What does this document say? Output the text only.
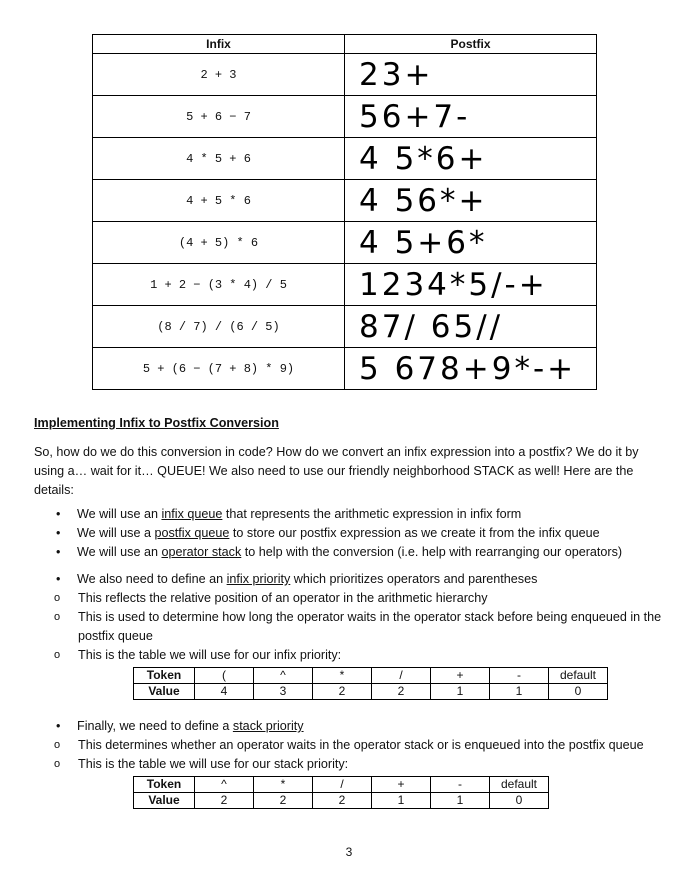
Infix	Postfix
2 + 3	23+

5 + 6 − 7	56+7-

4 * 5 + 6	4 5*6+

4 + 5 * 6	4 56*+

(4 + 5) * 6	4 5+6*

1 + 2 − (3 * 4) / 5	1234*5/-+

(8 / 7) / (6 / 5)	87/ 65//

5 + (6 − (7 + 8) * 9)	5 678+9*-+
Implementing Infix to Postfix Conversion
So, how do we do this conversion in code? How do we convert an infix expression into a postfix? We do it by using a… wait for it… QUEUE! We also need to use our friendly neighborhood STACK as well! Here are the details:
• We will use an infix queue that represents the arithmetic expression in infix form
• We will use a postfix queue to store our postfix expression as we create it from the infix queue
• We will use an operator stack to help with the conversion (i.e. help with rearranging our operators)
• We also need to define an infix priority which prioritizes operators and parentheses
o This reflects the relative position of an operator in the arithmetic hierarchy
o This is used to determine how long the operator waits in the operator stack before being enqueued in the postfix queue
o This is the table we will use for our infix priority:
Token	(	^	*	/	+	-	default
Value	4	3	2	2	1	1	0
• Finally, we need to define a stack priority
o This determines whether an operator waits in the operator stack or is enqueued into the postfix queue
o This is the table we will use for our stack priority:
Token	^	*	/	+	-	default
Value	2	2	2	1	1	0
3
